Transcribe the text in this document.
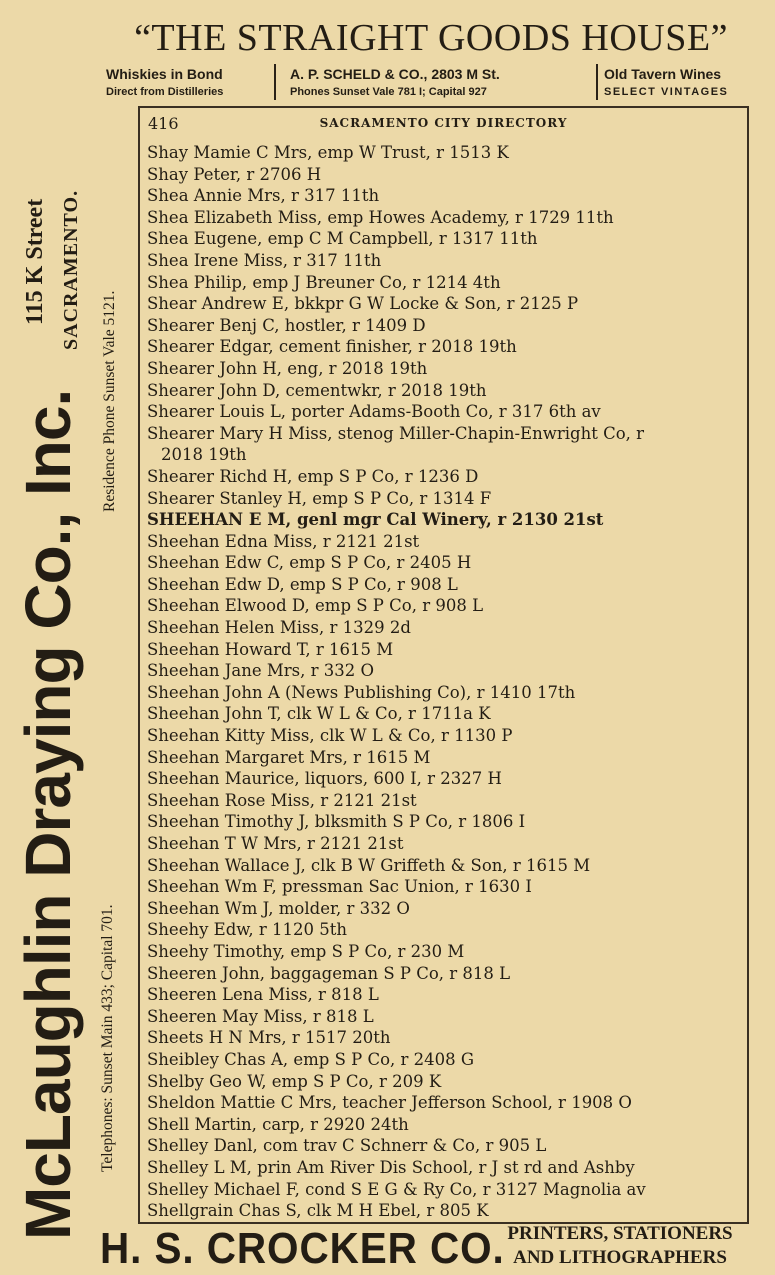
“THE STRAIGHT GOODS HOUSE”
Whiskies in Bond
Direct from Distilleries
A. P. SCHELD & CO., 2803 M St.
Phones Sunset Vale 781 I; Capital 927
Old Tavern Wines
SELECT VINTAGES
McLaughlin Draying Co., Inc.
115 K Street SACRAMENTO.
Residence Phone Sunset Vale 5121.
Telephones: Sunset Main 433; Capital 701.
416	SACRAMENTO CITY DIRECTORY
Shay Mamie C Mrs, emp W Trust, r 1513 K
Shay Peter, r 2706 H
Shea Annie Mrs, r 317 11th
Shea Elizabeth Miss, emp Howes Academy, r 1729 11th
Shea Eugene, emp C M Campbell, r 1317 11th
Shea Irene Miss, r 317 11th
Shea Philip, emp J Breuner Co, r 1214 4th
Shear Andrew E, bkkpr G W Locke & Son, r 2125 P
Shearer Benj C, hostler, r 1409 D
Shearer Edgar, cement finisher, r 2018 19th
Shearer John H, eng, r 2018 19th
Shearer John D, cementwkr, r 2018 19th
Shearer Louis L, porter Adams-Booth Co, r 317 6th av
Shearer Mary H Miss, stenog Miller-Chapin-Enwright Co, r
2018 19th
Shearer Richd H, emp S P Co, r 1236 D
Shearer Stanley H, emp S P Co, r 1314 F
SHEEHAN E M, genl mgr Cal Winery, r 2130 21st
Sheehan Edna Miss, r 2121 21st
Sheehan Edw C, emp S P Co, r 2405 H
Sheehan Edw D, emp S P Co, r 908 L
Sheehan Elwood D, emp S P Co, r 908 L
Sheehan Helen Miss, r 1329 2d
Sheehan Howard T, r 1615 M
Sheehan Jane Mrs, r 332 O
Sheehan John A (News Publishing Co), r 1410 17th
Sheehan John T, clk W L & Co, r 1711a K
Sheehan Kitty Miss, clk W L & Co, r 1130 P
Sheehan Margaret Mrs, r 1615 M
Sheehan Maurice, liquors, 600 I, r 2327 H
Sheehan Rose Miss, r 2121 21st
Sheehan Timothy J, blksmith S P Co, r 1806 I
Sheehan T W Mrs, r 2121 21st
Sheehan Wallace J, clk B W Griffeth & Son, r 1615 M
Sheehan Wm F, pressman Sac Union, r 1630 I
Sheehan Wm J, molder, r 332 O
Sheehy Edw, r 1120 5th
Sheehy Timothy, emp S P Co, r 230 M
Sheeren John, baggageman S P Co, r 818 L
Sheeren Lena Miss, r 818 L
Sheeren May Miss, r 818 L
Sheets H N Mrs, r 1517 20th
Sheibley Chas A, emp S P Co, r 2408 G
Shelby Geo W, emp S P Co, r 209 K
Sheldon Mattie C Mrs, teacher Jefferson School, r 1908 O
Shell Martin, carp, r 2920 24th
Shelley Danl, com trav C Schnerr & Co, r 905 L
Shelley L M, prin Am River Dis School, r J st rd and Ashby
Shelley Michael F, cond S E G & Ry Co, r 3127 Magnolia av
Shellgrain Chas S, clk M H Ebel, r 805 K
H. S. CROCKER CO. PRINTERS, STATIONERS
AND LITHOGRAPHERS
